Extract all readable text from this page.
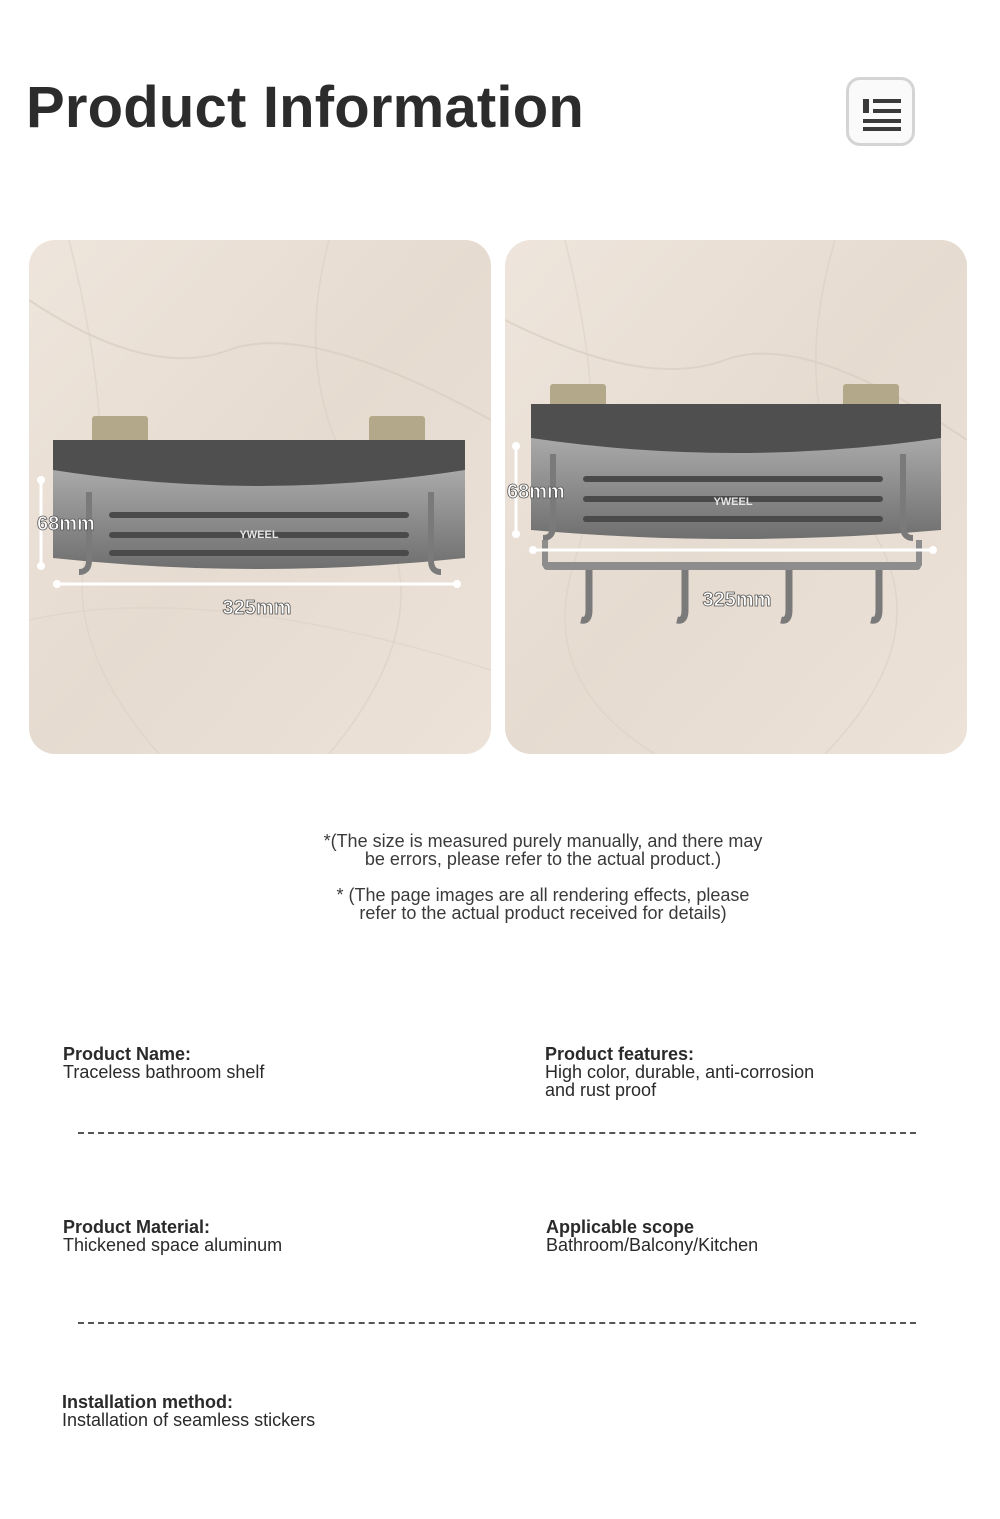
Product Information
YWEEL
68mm
325mm
YWEEL
68mm
325mm
*(The size is measured purely manually, and there may
be errors, please refer to the actual product.)
* (The page images are all rendering effects, please
refer to the actual product received for details)
Product Name:
Traceless bathroom shelf
Product features:
High color, durable, anti-corrosion
and rust proof
Product Material:
Thickened space aluminum
Applicable scope
Bathroom/Balcony/Kitchen
Installation method:
Installation of seamless stickers
